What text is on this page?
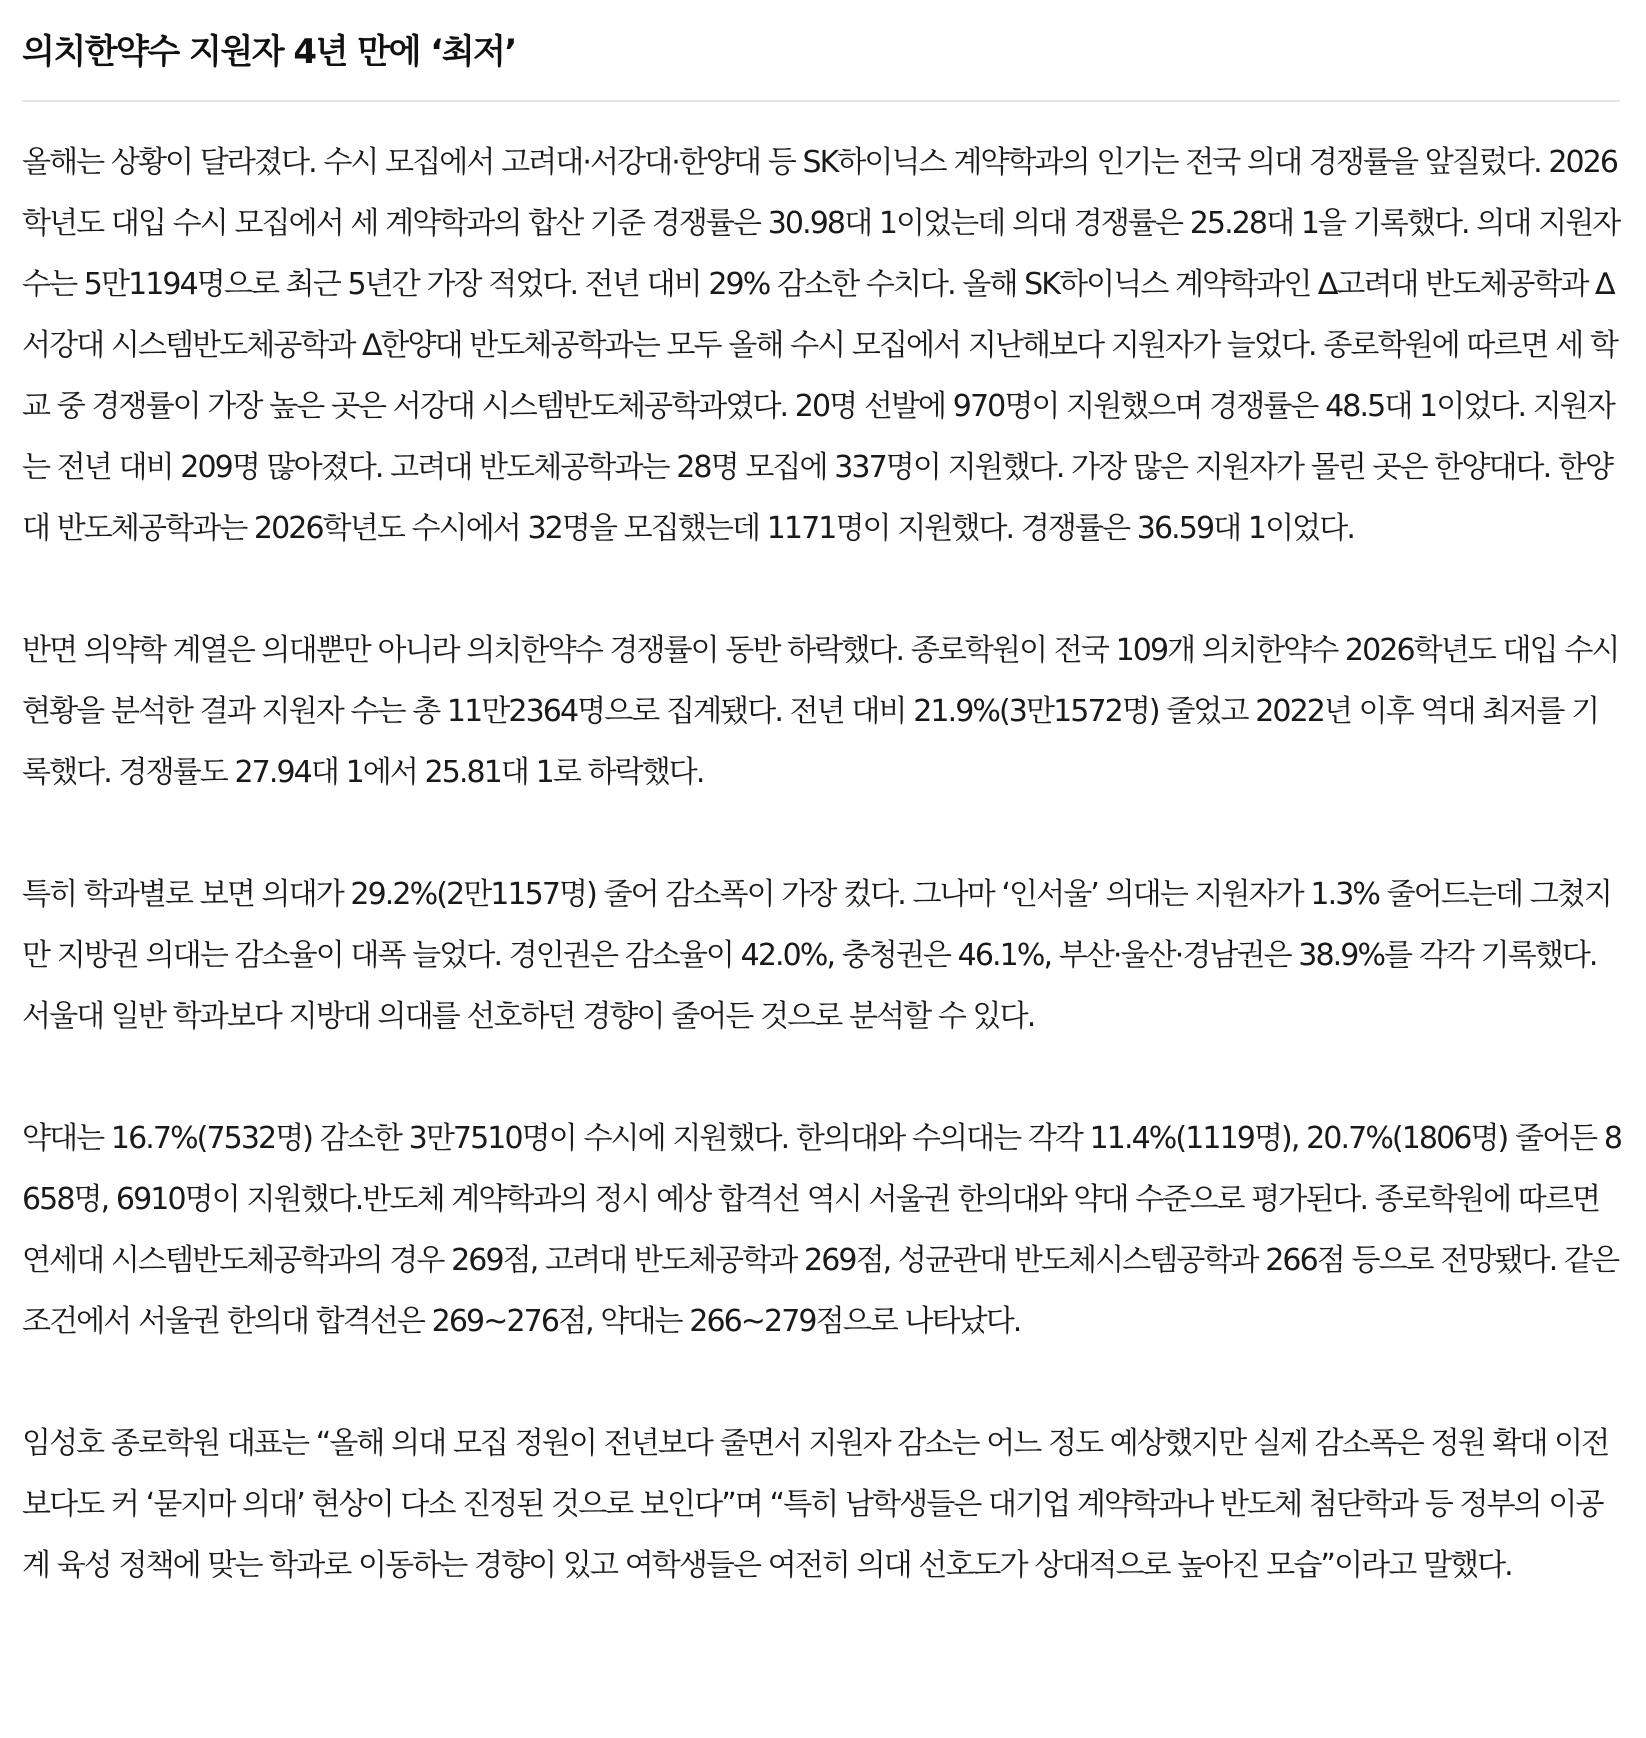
의치한약수 지원자 4년 만에 ‘최저’

올해는 상황이 달라졌다. 수시 모집에서 고려대·서강대·한양대 등 SK하이닉스 계약학과의 인기는 전국 의대 경쟁률을 앞질렀다. 2026학년도 대입 수시 모집에서 세 계약학과의 합산 기준 경쟁률은 30.98대 1이었는데 의대 경쟁률은 25.28대 1을 기록했다. 의대 지원자 수는 5만1194명으로 최근 5년간 가장 적었다. 전년 대비 29% 감소한 수치다. 올해 SK하이닉스 계약학과인 ∆고려대 반도체공학과 ∆서강대 시스템반도체공학과 ∆한양대 반도체공학과는 모두 올해 수시 모집에서 지난해보다 지원자가 늘었다. 종로학원에 따르면 세 학교 중 경쟁률이 가장 높은 곳은 서강대 시스템반도체공학과였다. 20명 선발에 970명이 지원했으며 경쟁률은 48.5대 1이었다. 지원자는 전년 대비 209명 많아졌다. 고려대 반도체공학과는 28명 모집에 337명이 지원했다. 가장 많은 지원자가 몰린 곳은 한양대다. 한양대 반도체공학과는 2026학년도 수시에서 32명을 모집했는데 1171명이 지원했다. 경쟁률은 36.59대 1이었다.

반면 의약학 계열은 의대뿐만 아니라 의치한약수 경쟁률이 동반 하락했다. 종로학원이 전국 109개 의치한약수 2026학년도 대입 수시 현황을 분석한 결과 지원자 수는 총 11만2364명으로 집계됐다. 전년 대비 21.9%(3만1572명) 줄었고 2022년 이후 역대 최저를 기록했다. 경쟁률도 27.94대 1에서 25.81대 1로 하락했다.

특히 학과별로 보면 의대가 29.2%(2만1157명) 줄어 감소폭이 가장 컸다. 그나마 ‘인서울’ 의대는 지원자가 1.3% 줄어드는데 그쳤지만 지방권 의대는 감소율이 대폭 늘었다. 경인권은 감소율이 42.0%, 충청권은 46.1%, 부산·울산·경남권은 38.9%를 각각 기록했다. 서울대 일반 학과보다 지방대 의대를 선호하던 경향이 줄어든 것으로 분석할 수 있다.

약대는 16.7%(7532명) 감소한 3만7510명이 수시에 지원했다. 한의대와 수의대는 각각 11.4%(1119명), 20.7%(1806명) 줄어든 8658명, 6910명이 지원했다.반도체 계약학과의 정시 예상 합격선 역시 서울권 한의대와 약대 수준으로 평가된다. 종로학원에 따르면 연세대 시스템반도체공학과의 경우 269점, 고려대 반도체공학과 269점, 성균관대 반도체시스템공학과 266점 등으로 전망됐다. 같은 조건에서 서울권 한의대 합격선은 269~276점, 약대는 266~279점으로 나타났다.

임성호 종로학원 대표는 “올해 의대 모집 정원이 전년보다 줄면서 지원자 감소는 어느 정도 예상했지만 실제 감소폭은 정원 확대 이전보다도 커 ‘묻지마 의대’ 현상이 다소 진정된 것으로 보인다”며 “특히 남학생들은 대기업 계약학과나 반도체 첨단학과 등 정부의 이공계 육성 정책에 맞는 학과로 이동하는 경향이 있고 여학생들은 여전히 의대 선호도가 상대적으로 높아진 모습”이라고 말했다.
